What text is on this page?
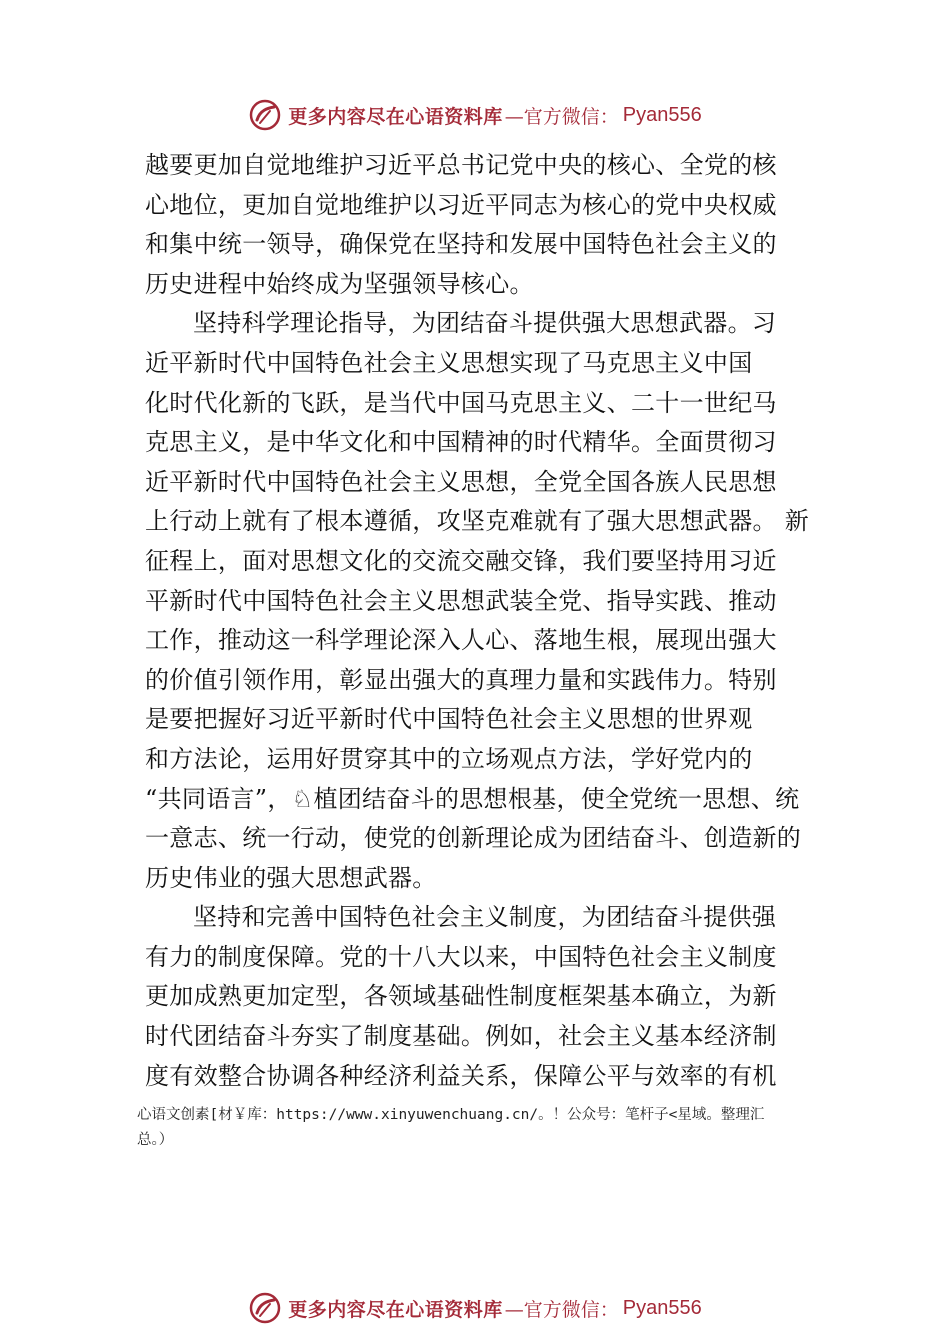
更多内容尽在心语资料库 —官方微信： Pyan556
越要更加自觉地维护习近平总书记党中央的核心、全党的核
心地位，更加自觉地维护以习近平同志为核心的党中央权威
和集中统一领导，确保党在坚持和发展中国特色社会主义的
历史进程中始终成为坚强领导核心。
坚持科学理论指导，为团结奋斗提供强大思想武器。习
近平新时代中国特色社会主义思想实现了马克思主义中国
化时代化新的飞跃，是当代中国马克思主义、二十一世纪马
克思主义，是中华文化和中国精神的时代精华。全面贯彻习
近平新时代中国特色社会主义思想，全党全国各族人民思想
上行动上就有了根本遵循，攻坚克难就有了强大思想武器。 新
征程上，面对思想文化的交流交融交锋，我们要坚持用习近
平新时代中国特色社会主义思想武装全党、指导实践、推动
工作，推动这一科学理论深入人心、落地生根，展现出强大
的价值引领作用，彰显出强大的真理力量和实践伟力。特别
是要把握好习近平新时代中国特色社会主义思想的世界观
和方法论，运用好贯穿其中的立场观点方法，学好党内的
“共同语言”，♘植团结奋斗的思想根基，使全党统一思想、统
一意志、统一行动，使党的创新理论成为团结奋斗、创造新的
历史伟业的强大思想武器。
坚持和完善中国特色社会主义制度，为团结奋斗提供强
有力的制度保障。党的十八大以来，中国特色社会主义制度
更加成熟更加定型，各领域基础性制度框架基本确立，为新
时代团结奋斗夯实了制度基础。例如，社会主义基本经济制
度有效整合协调各种经济利益关系，保障公平与效率的有机
心语文创素[材￥库：https://www.xinyuwenchuang.cn/。！公众号：笔杆子<星域。整理汇
总。）
更多内容尽在心语资料库 —官方微信： Pyan556
